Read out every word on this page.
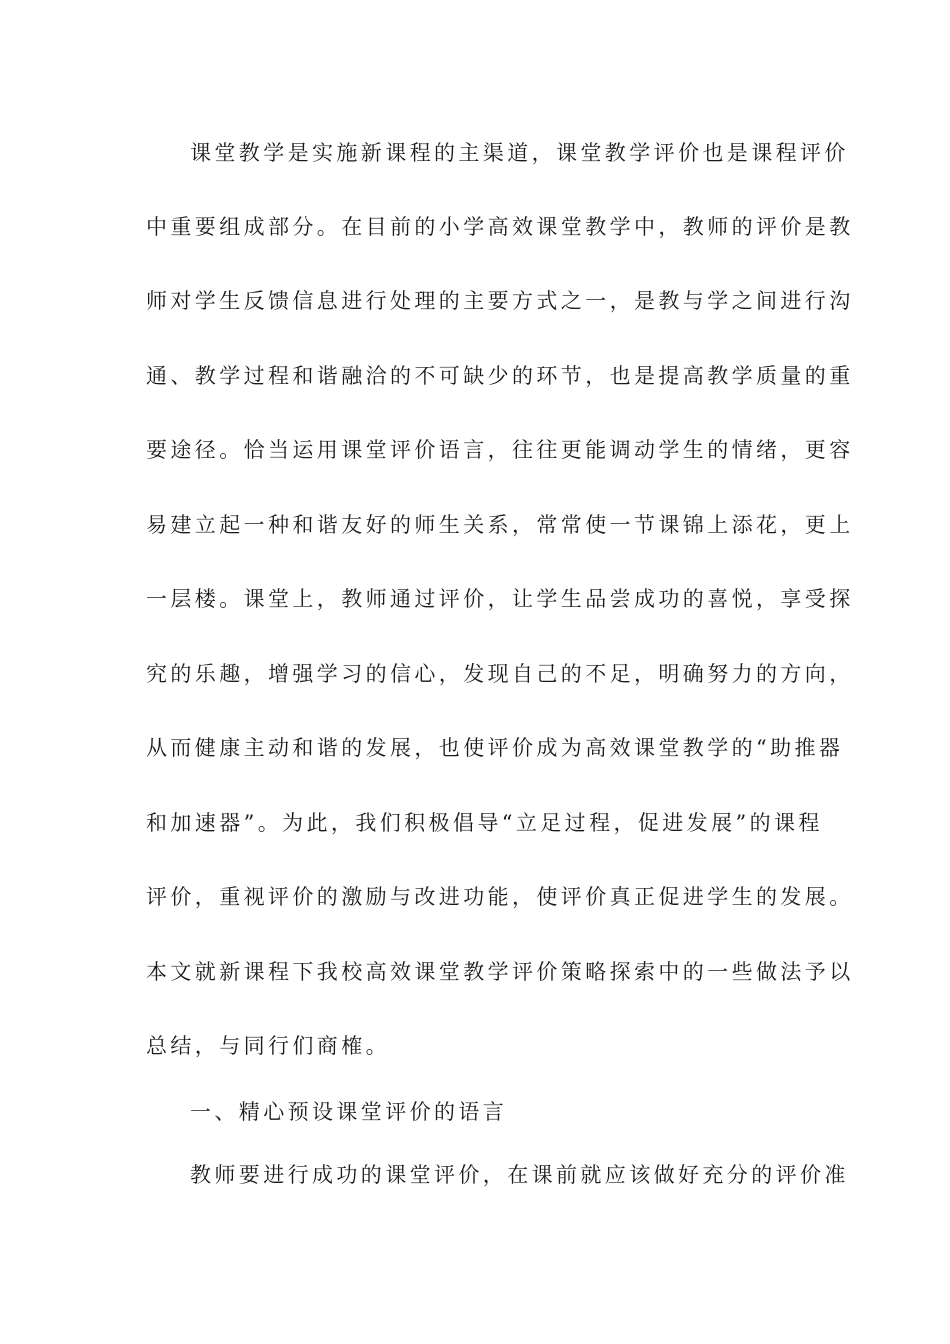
课堂教学是实施新课程的主渠道，课堂教学评价也是课程评价
中重要组成部分。在目前的小学高效课堂教学中，教师的评价是教
师对学生反馈信息进行处理的主要方式之一，是教与学之间进行沟
通、教学过程和谐融洽的不可缺少的环节，也是提高教学质量的重
要途径。恰当运用课堂评价语言，往往更能调动学生的情绪，更容
易建立起一种和谐友好的师生关系，常常使一节课锦上添花，更上
一层楼。课堂上，教师通过评价，让学生品尝成功的喜悦，享受探
究的乐趣，增强学习的信心，发现自己的不足，明确努力的方向，
从而健康主动和谐的发展，也使评价成为高效课堂教学的“助推器
和加速器”。为此，我们积极倡导“立足过程，促进发展”的课程
评价，重视评价的激励与改进功能，使评价真正促进学生的发展。
本文就新课程下我校高效课堂教学评价策略探索中的一些做法予以
总结，与同行们商榷。
一、精心预设课堂评价的语言
教师要进行成功的课堂评价，在课前就应该做好充分的评价准
